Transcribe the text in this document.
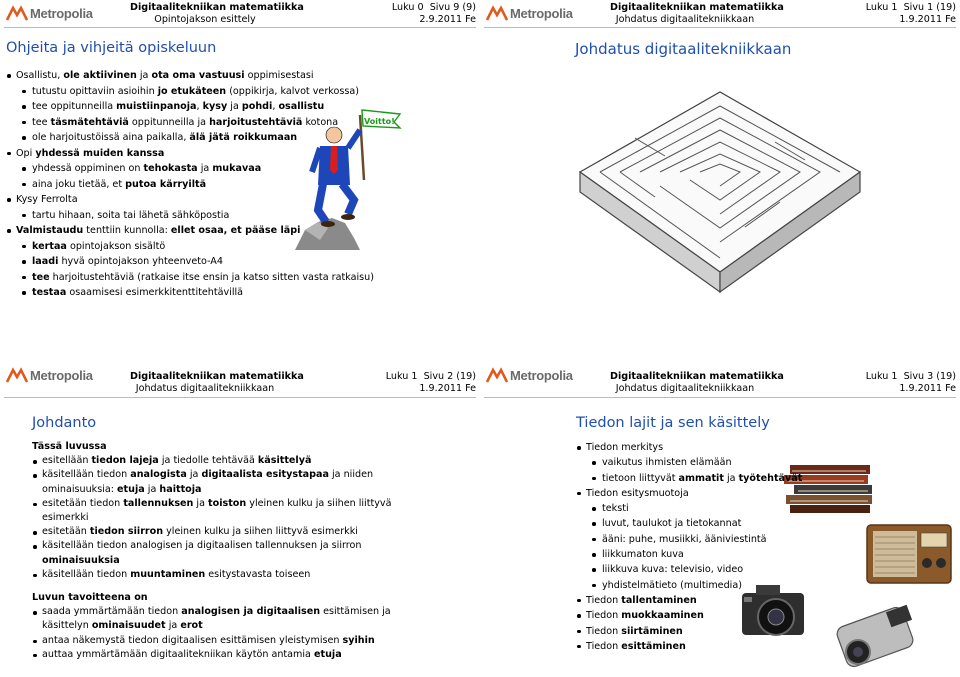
Metropolia	Digitaalitekniikan matematiikka
Opintojakson esittely
Luku 0 Sivu 9 (9)
2.9.2011 Fe
Ohjeita ja vihjeitä opiskeluun
Voitto!

Osallistu, ole aktiivinen ja ota oma vastuusi oppimisestasi

tutustu opittaviin asioihin jo etukäteen (oppikirja, kalvot verkossa)

tee oppitunneilla muistiinpanoja, kysy ja pohdi, osallistu

tee täsmätehtäviä oppitunneilla ja harjoitustehtäviä kotona

ole harjoitustöissä aina paikalla, älä jätä roikkumaan

Opi yhdessä muiden kanssa

yhdessä oppiminen on tehokasta ja mukavaa

aina joku tietää, et putoa kärryiltä

Kysy Ferrolta

tartu hihaan, soita tai lähetä sähköpostia

Valmistaudu tenttiin kunnolla: ellet osaa, et pääse läpi

kertaa opintojakson sisältö

laadi hyvä opintojakson yhteenveto-A4

tee harjoitustehtäviä (ratkaise itse ensin ja katso sitten vasta ratkaisu)

testaa osaamisesi esimerkkitenttitehtävillä

Metropolia	Digitaalitekniikan matematiikka
Johdatus digitaalitekniikkaan
Luku 1 Sivu 1 (19)
1.9.2011 Fe
Johdatus digitaalitekniikkaan
Metropolia	Digitaalitekniikan matematiikka
Johdatus digitaalitekniikkaan
Luku 1 Sivu 2 (19)
1.9.2011 Fe
Johdanto

Tässä luvussa

esitellään tiedon lajeja ja tiedolle tehtävää käsittelyä

käsitellään tiedon analogista ja digitaalista esitystapaa ja niiden

ominaisuuksia: etuja ja haittoja

esitetään tiedon tallennuksen ja toiston yleinen kulku ja siihen liittyvä

esimerkki

esitetään tiedon siirron yleinen kulku ja siihen liittyvä esimerkki

käsitellään tiedon analogisen ja digitaalisen tallennuksen ja siirron

ominaisuuksia

käsitellään tiedon muuntaminen esitystavasta toiseen

Luvun tavoitteena on

saada ymmärtämään tiedon analogisen ja digitaalisen esittämisen ja

käsittelyn ominaisuudet ja erot

antaa näkemystä tiedon digitaalisen esittämisen yleistymisen syihin

auttaa ymmärtämään digitaalitekniikan käytön antamia etuja

Metropolia	Digitaalitekniikan matematiikka
Johdatus digitaalitekniikkaan
Luku 1 Sivu 3 (19)
1.9.2011 Fe
Tiedon lajit ja sen käsittely

Tiedon merkitys

vaikutus ihmisten elämään

tietoon liittyvät ammatit ja työtehtävät

Tiedon esitysmuotoja

teksti

luvut, taulukot ja tietokannat

ääni: puhe, musiikki, ääniviestintä

liikkumaton kuva

liikkuva kuva: televisio, video

yhdistelmätieto (multimedia)

Tiedon tallentaminen

Tiedon muokkaaminen

Tiedon siirtäminen

Tiedon esittäminen
